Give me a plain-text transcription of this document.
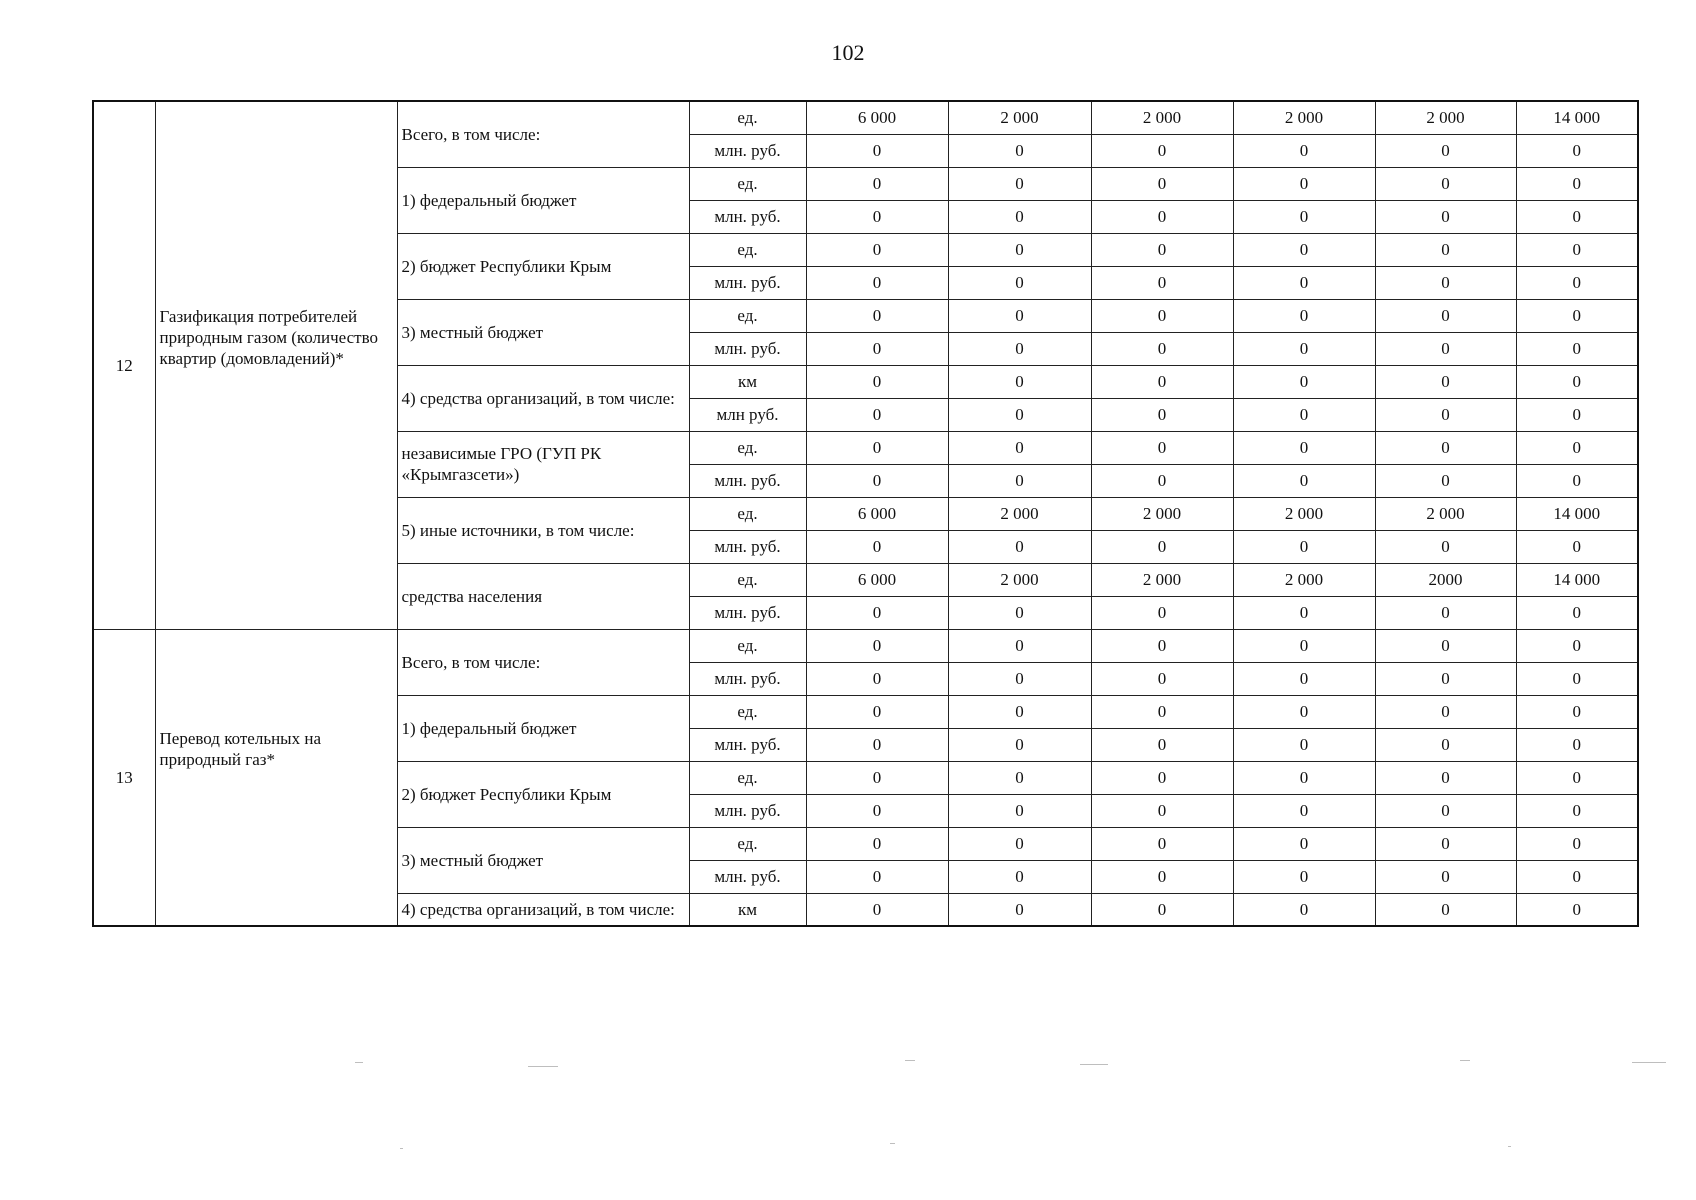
102
12	Газификация потребителей природным газом (количество квартир (домовладений)*	Всего, в том числе:	ед.	6 000	2 000	2 000	2 000	2 000	14 000
			млн. руб.	0	0	0	0	0	0
		1) федеральный бюджет	ед.	0	0	0	0	0	0
			млн. руб.	0	0	0	0	0	0
		2) бюджет Республики Крым	ед.	0	0	0	0	0	0
			млн. руб.	0	0	0	0	0	0
		3) местный бюджет	ед.	0	0	0	0	0	0
			млн. руб.	0	0	0	0	0	0
		4) средства организаций, в том числе:	км	0	0	0	0	0	0
			млн руб.	0	0	0	0	0	0
		независимые ГРО (ГУП РК «Крымгазсети»)	ед.	0	0	0	0	0	0
			млн. руб.	0	0	0	0	0	0
		5) иные источники, в том числе:	ед.	6 000	2 000	2 000	2 000	2 000	14 000
			млн. руб.	0	0	0	0	0	0
		средства населения	ед.	6 000	2 000	2 000	2 000	2000	14 000
			млн. руб.	0	0	0	0	0	0
13	Перевод котельных на природный газ*	Всего, в том числе:	ед.	0	0	0	0	0	0
			млн. руб.	0	0	0	0	0	0
		1) федеральный бюджет	ед.	0	0	0	0	0	0
			млн. руб.	0	0	0	0	0	0
		2) бюджет Республики Крым	ед.	0	0	0	0	0	0
			млн. руб.	0	0	0	0	0	0
		3) местный бюджет	ед.	0	0	0	0	0	0
			млн. руб.	0	0	0	0	0	0
		4) средства организаций, в том числе:	км	0	0	0	0	0	0
